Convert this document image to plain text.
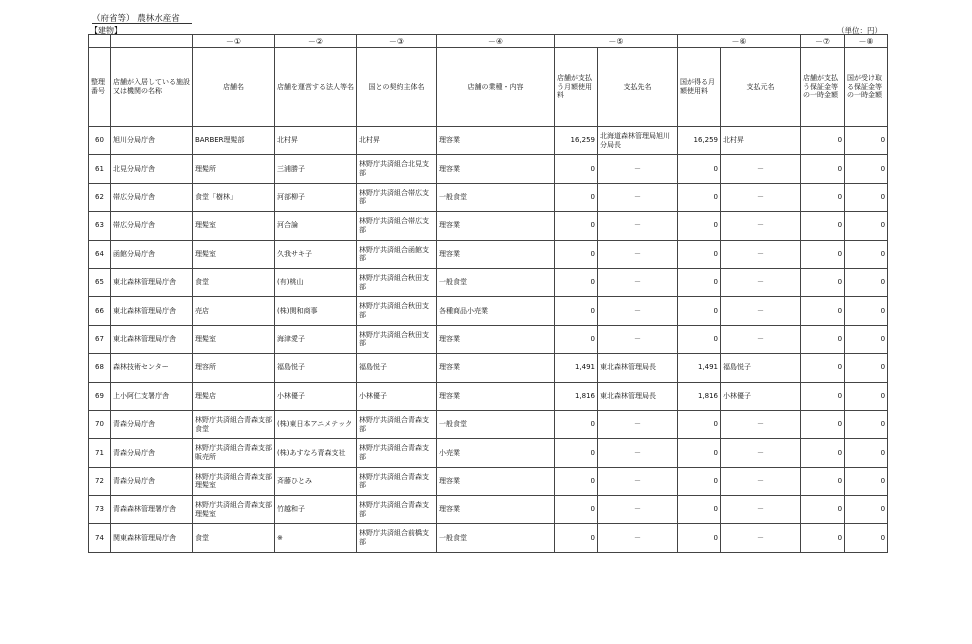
（府省等） 農林水産省
【建物】	（単位：円）
		－①	－②	－③	－④	－⑤		－⑥		－⑦	－⑧
整理番号	店舗が入居している施設又は機関の名称	店舗名	店舗を運営する法人等名	国との契約主体名	店舗の業種・内容	店舗が支払う月額使用料	支払先名	国が得る月額使用料	支払元名	店舗が支払う保証金等の一時金額	国が受け取る保証金等の一時金額
60	旭川分局庁舎	BARBER理髪部	北村昇	北村昇	理容業	16,259	北海道森林管理局旭川分局長	16,259	北村昇	0	0
61	北見分局庁舎	理髪所	三浦勝子	林野庁共済組合北見支部	理容業	0	－	0	－	0	0
62	帯広分局庁舎	食堂「樹林」	河部柳子	林野庁共済組合帯広支部	一般食堂	0	－	0	－	0	0
63	帯広分局庁舎	理髪室	河合論	林野庁共済組合帯広支部	理容業	0	－	0	－	0	0
64	函館分局庁舎	理髪室	久我サキ子	林野庁共済組合函館支部	理容業	0	－	0	－	0	0
65	東北森林管理局庁舎	食堂	(有)桃山	林野庁共済組合秋田支部	一般食堂	0	－	0	－	0	0
66	東北森林管理局庁舎	売店	(株)関和商事	林野庁共済組合秋田支部	各種商品小売業	0	－	0	－	0	0
67	東北森林管理局庁舎	理髪室	海津愛子	林野庁共済組合秋田支部	理容業	0	－	0	－	0	0
68	森林技術センター	理容所	福島悦子	福島悦子	理容業	1,491	東北森林管理局長	1,491	福島悦子	0	0
69	上小阿仁支署庁舎	理髪店	小林優子	小林優子	理容業	1,816	東北森林管理局長	1,816	小林優子	0	0
70	青森分局庁舎	林野庁共済組合青森支部食堂	(株)東日本アニメテック	林野庁共済組合青森支部	一般食堂	0	－	0	－	0	0
71	青森分局庁舎	林野庁共済組合青森支部販売所	(株)あすなろ青森支社	林野庁共済組合青森支部	小売業	0	－	0	－	0	0
72	青森分局庁舎	林野庁共済組合青森支部理髪室	斉藤ひとみ	林野庁共済組合青森支部	理容業	0	－	0	－	0	0
73	青森森林管理署庁舎	林野庁共済組合青森支部理髪室	竹越和子	林野庁共済組合青森支部	理容業	0	－	0	－	0	0
74	関東森林管理局庁舎	食堂	※	林野庁共済組合前橋支部	一般食堂	0	－	0	－	0	0
